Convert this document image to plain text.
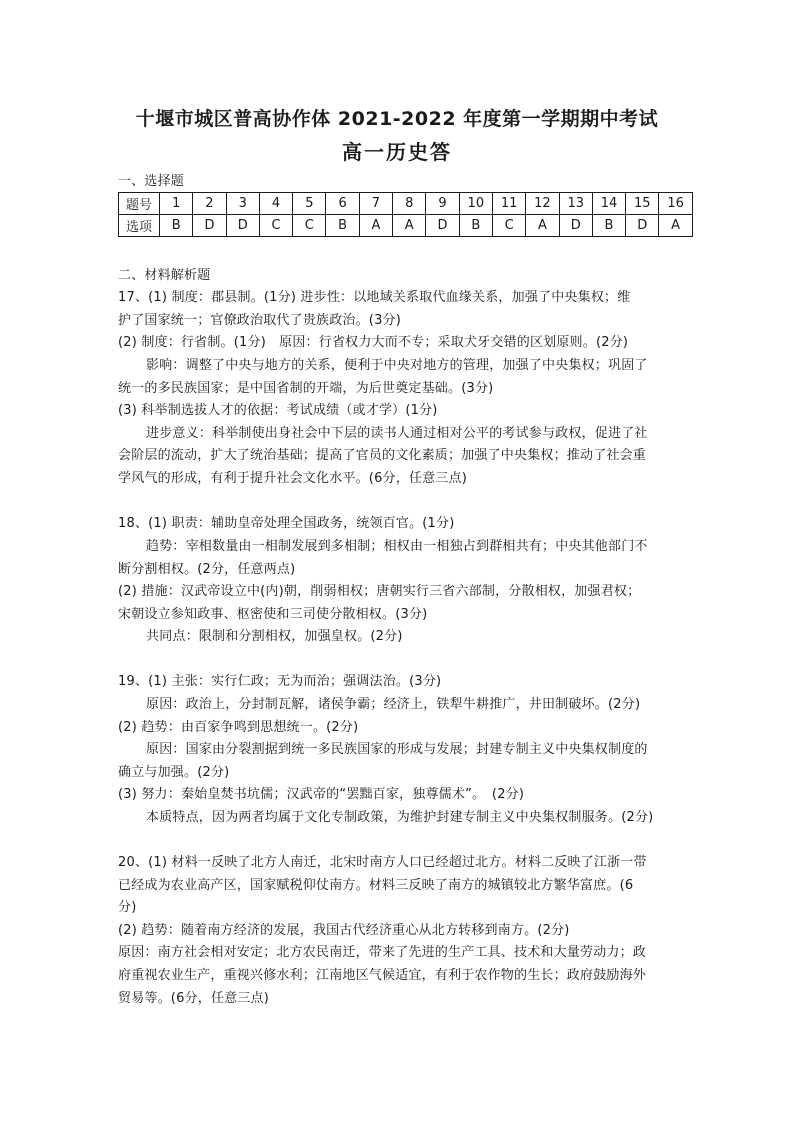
十堰市城区普高协作体 2021-2022 年度第一学期期中考试
高一历史答
一、选择题
题号	1	2	3	4	5	6	7	8	9	10	11	12	13	14	15	16
选项	B	D	D	C	C	B	A	A	D	B	C	A	D	B	D	A
二、材料解析题
17、(1) 制度：郡县制。(1分) 进步性：以地域关系取代血缘关系，加强了中央集权；维
护了国家统一；官僚政治取代了贵族政治。(3分)
(2) 制度：行省制。(1分)　原因：行省权力大而不专；采取犬牙交错的区划原则。(2分)
影响：调整了中央与地方的关系，便利于中央对地方的管理，加强了中央集权；巩固了
统一的多民族国家；是中国省制的开端，为后世奠定基础。(3分)
(3) 科举制选拔人才的依据：考试成绩（或才学）(1分)
进步意义：科举制使出身社会中下层的读书人通过相对公平的考试参与政权，促进了社
会阶层的流动，扩大了统治基础；提高了官员的文化素质；加强了中央集权；推动了社会重
学风气的形成，有利于提升社会文化水平。(6分，任意三点)
18、(1) 职责：辅助皇帝处理全国政务，统领百官。(1分)
趋势：宰相数量由一相制发展到多相制；相权由一相独占到群相共有；中央其他部门不
断分割相权。(2分，任意两点)
(2) 措施：汉武帝设立中(内)朝，削弱相权；唐朝实行三省六部制，分散相权，加强君权；
宋朝设立参知政事、枢密使和三司使分散相权。(3分)
共同点：限制和分割相权，加强皇权。(2分)
19、(1) 主张：实行仁政；无为而治；强调法治。(3分)
原因：政治上，分封制瓦解，诸侯争霸；经济上，铁犁牛耕推广，井田制破坏。(2分)
(2) 趋势：由百家争鸣到思想统一。(2分)
原因：国家由分裂割据到统一多民族国家的形成与发展；封建专制主义中央集权制度的
确立与加强。(2分)
(3) 努力：秦始皇焚书坑儒；汉武帝的“罢黜百家，独尊儒术”。　(2分)
本质特点，因为两者均属于文化专制政策，为维护封建专制主义中央集权制服务。(2分)
20、(1) 材料一反映了北方人南迁，北宋时南方人口已经超过北方。材料二反映了江浙一带
已经成为农业高产区，国家赋税仰仗南方。材料三反映了南方的城镇较北方繁华富庶。(6
分)
(2) 趋势：随着南方经济的发展，我国古代经济重心从北方转移到南方。(2分)
原因：南方社会相对安定；北方农民南迁，带来了先进的生产工具、技术和大量劳动力；政
府重视农业生产，重视兴修水利；江南地区气候适宜，有利于农作物的生长；政府鼓励海外
贸易等。(6分，任意三点)
